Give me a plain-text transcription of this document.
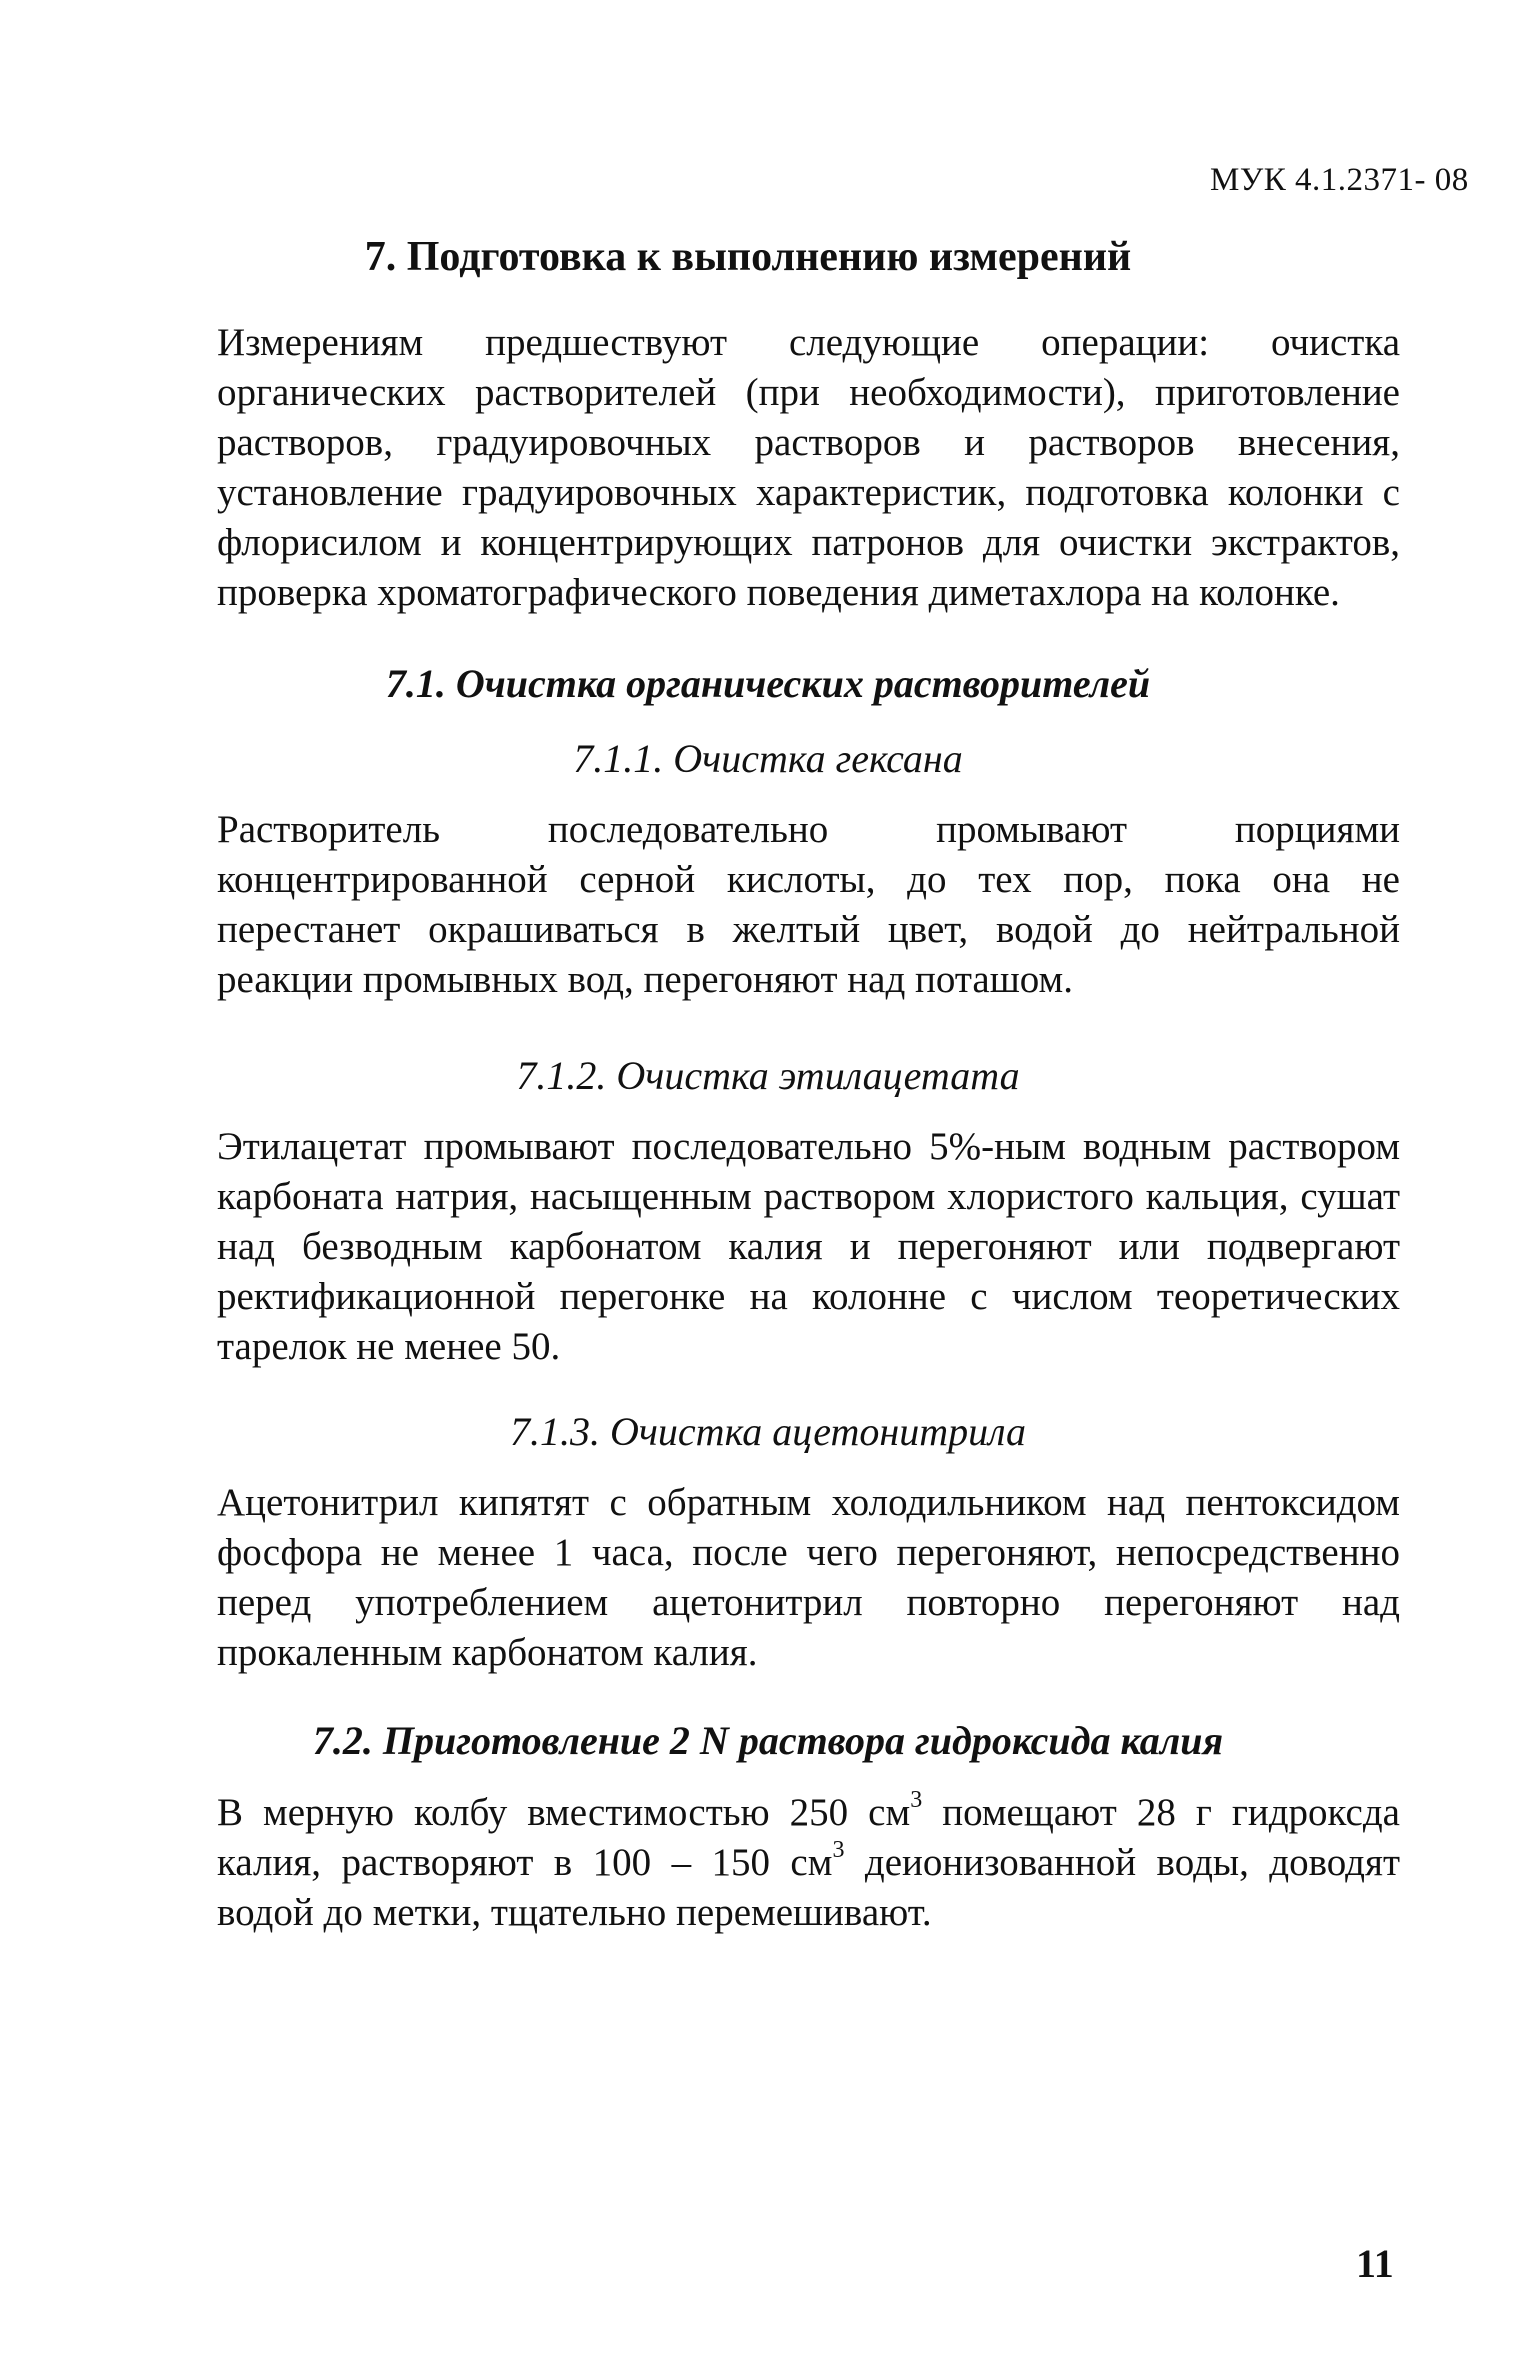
МУК 4.1.2371- 08
7. Подготовка к выполнению измерений

Измерениям предшествуют следующие операции: очистка органических растворителей (при необходимости), приготовление растворов, градуировочных растворов и растворов внесения, установление градуировочных характеристик, подготовка колонки с флорисилом и концентрирующих патронов для очистки экстрактов, проверка хроматографического поведения диметахлора на колонке.

7.1. Очистка органических растворителей
7.1.1. Очистка гексана

Растворитель последовательно промывают порциями концентрированной серной кислоты, до тех пор, пока она не перестанет окрашиваться в желтый цвет, водой до нейтральной реакции промывных вод, перегоняют над поташом.

7.1.2. Очистка этилацетата

Этилацетат промывают последовательно 5%-ным водным раствором карбоната натрия, насыщенным раствором хлористого кальция, сушат над безводным карбонатом калия и перегоняют или подвергают ректификационной перегонке на колонне с числом теоретических тарелок не менее 50.

7.1.3. Очистка ацетонитрила

Ацетонитрил кипятят с обратным холодильником над пентоксидом фосфора не менее 1 часа, после чего перегоняют, непосредственно перед употреблением ацетонитрил повторно перегоняют над прокаленным карбонатом калия.

7.2. Приготовление 2 N раствора гидроксида калия

В мерную колбу вместимостью 250 $см^3$ помещают 28 г гидроксда калия, растворяют в 100 – 150 $см^3$ деионизованной воды, доводят водой до метки, тщательно перемешивают.

11
